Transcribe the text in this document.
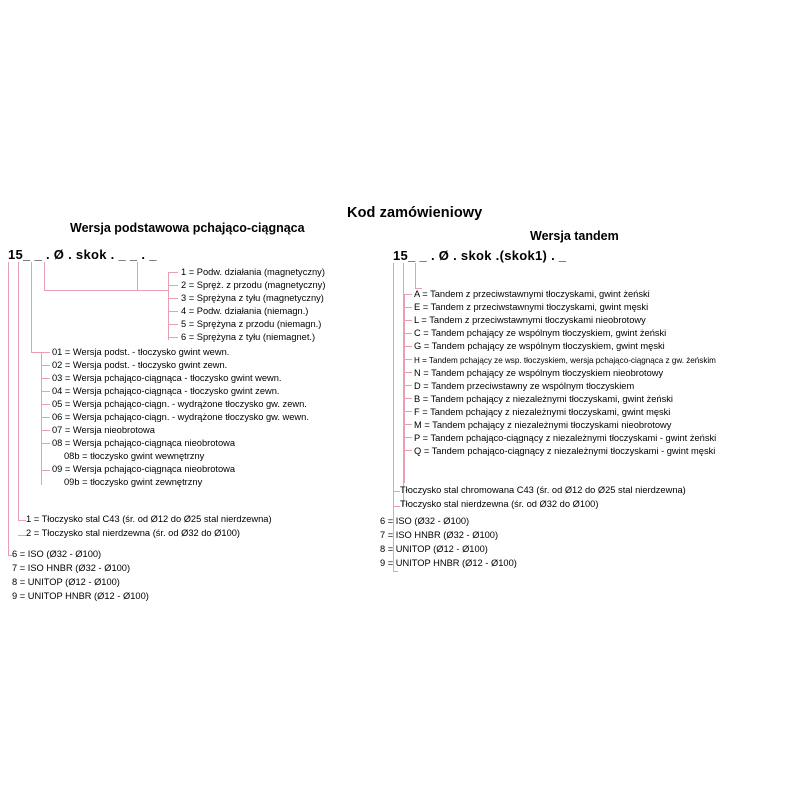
Kod zamówieniowy
Wersja podstawowa pchająco-ciągnąca
Wersja tandem
15_ _ . Ø . skok . _ _ . _	15_ _ . Ø . skok .(skok1) . _
1 = Podw. działania (magnetyczny)
2 = Spręż. z przodu (magnetyczny)
3 = Sprężyna z tyłu (magnetyczny)
4 = Podw. działania (niemagn.)
5 = Sprężyna z przodu (niemagn.)
6 = Sprężyna z tyłu (niemagnet.)
01 = Wersja podst. - tłoczysko gwint wewn.
02 = Wersja podst. - tłoczysko gwint zewn.
03 = Wersja pchająco-ciągnąca - tłoczysko gwint wewn.
04 = Wersja pchająco-ciągnąca - tłoczysko gwint zewn.
05 = Wersja pchająco-ciągn. - wydrążone tłoczysko gw. zewn.
06 = Wersja pchająco-ciągn. - wydrążone tłoczysko gw. wewn.
07 = Wersja nieobrotowa
08 = Wersja pchająco-ciągnąca nieobrotowa
08b = tłoczysko gwint wewnętrzny
09 = Wersja pchająco-ciągnąca nieobrotowa
09b = tłoczysko gwint zewnętrzny
1 = Tłoczysko stal C43 (śr. od Ø12 do Ø25 stal nierdzewna)
2 = Tłoczysko stal nierdzewna (śr. od Ø32 do Ø100)
6 = ISO (Ø32 - Ø100)
7 = ISO HNBR (Ø32 - Ø100)
8 = UNITOP (Ø12 - Ø100)
9 = UNITOP HNBR (Ø12 - Ø100)
A = Tandem z przeciwstawnymi tłoczyskami, gwint żeński
E = Tandem z przeciwstawnymi tłoczyskami, gwint męski
L = Tandem z przeciwstawnymi tłoczyskami nieobrotowy
C = Tandem pchający ze wspólnym tłoczyskiem, gwint żeński
G = Tandem pchający ze wspólnym tłoczyskiem, gwint męski
H = Tandem pchający ze wsp. tłoczyskiem, wersja pchająco-ciągnąca z gw. żeńskim
N = Tandem pchający ze wspólnym tłoczyskiem nieobrotowy
D = Tandem przeciwstawny ze wspólnym tłoczyskiem
B = Tandem pchający z niezależnymi tłoczyskami, gwint żeński
F = Tandem pchający z niezależnymi tłoczyskami, gwint męski
M = Tandem pchający z niezależnymi tłoczyskami nieobrotowy
P = Tandem pchająco-ciągnący z niezależnymi tłoczyskami - gwint żeński
Q = Tandem pchająco-ciągnący z niezależnymi tłoczyskami - gwint męski
Tłoczysko stal chromowana C43 (śr. od Ø12 do Ø25 stal nierdzewna)
Tłoczysko stal nierdzewna (śr. od Ø32 do Ø100)
6 = ISO (Ø32 - Ø100)
7 = ISO HNBR (Ø32 - Ø100)
8 = UNITOP (Ø12 - Ø100)
9 = UNITOP HNBR (Ø12 - Ø100)
